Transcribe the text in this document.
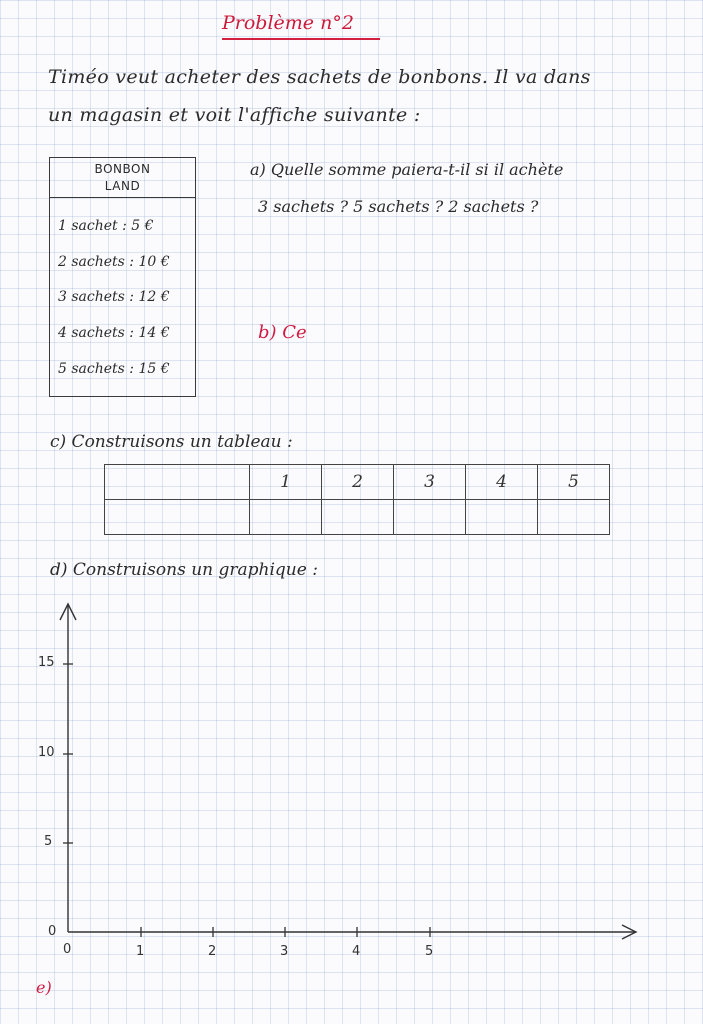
Problème n°2
Timéo veut acheter des sachets de bonbons. Il va dans
un magasin et voit l'affiche suivante :
BONBON
LAND
1 sachet : 5 €
2 sachets : 10 €
3 sachets : 12 €
4 sachets : 14 €
5 sachets : 15 €
a) Quelle somme paiera-t-il si il achète
3 sachets ? 5 sachets ? 2 sachets ?
b) Ce
c) Construisons un tableau :
	1	2	3	4	5

d) Construisons un graphique :
0
5
10
15
0	1	2	3	4	5
e)
